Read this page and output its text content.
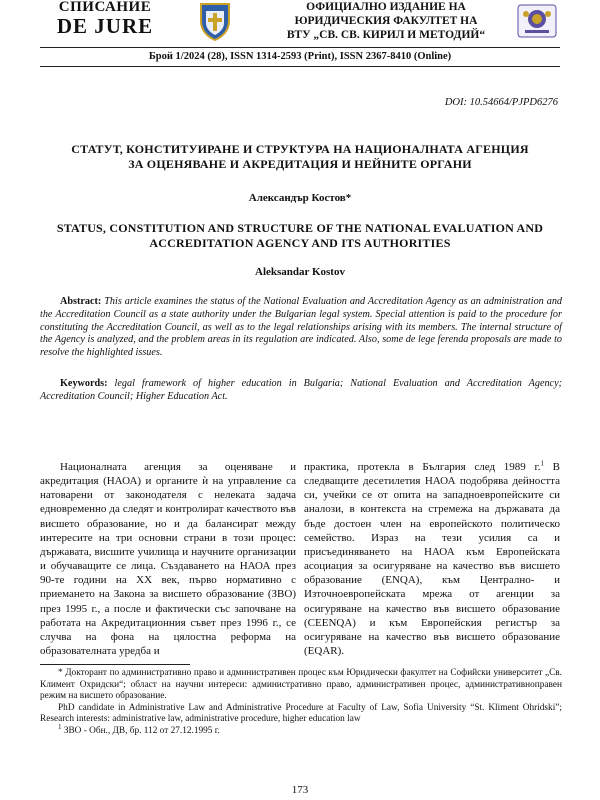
СПИСАНИЕ
DE JURE
ОФИЦИАЛНО ИЗДАНИЕ НА
ЮРИДИЧЕСКИЯ ФАКУЛТЕТ НА
ВТУ „СВ. СВ. КИРИЛ И МЕТОДИЙ“
Брой 1/2024 (28), ISSN 1314-2593 (Print), ISSN 2367-8410 (Online)
DOI: 10.54664/PJPD6276
СТАТУТ, КОНСТИТУИРАНЕ И СТРУКТУРА НА НАЦИОНАЛНАТА АГЕНЦИЯ
ЗА ОЦЕНЯВАНЕ И АКРЕДИТАЦИЯ И НЕЙНИТЕ ОРГАНИ
Александър Костов*
STATUS, CONSTITUTION AND STRUCTURE OF THE NATIONAL EVALUATION AND
ACCREDITATION AGENCY AND ITS AUTHORITIES
Aleksandar Kostov
Abstract: This article examines the status of the National Evaluation and Accreditation Agency as an administration and the Accreditation Council as a state authority under the Bulgarian legal system. Special attention is paid to the procedure for constituting the Accreditation Council, as well as to the legal relationships arising with its members. The internal structure of the Agency is analyzed, and the problem areas in its regulation are indicated. Also, some de lege ferenda proposals are made to resolve the highlighted issues.
Keywords: legal framework of higher education in Bulgaria; National Evaluation and Accreditation Agency; Accreditation Council; Higher Education Act.
Националната агенция за оценяване и акредитация (НАОА) и органите ѝ на управление са натоварени от законодателя с нелеката задача едновременно да следят и контролират качеството във висшето образование, но и да балансират между интересите на три основни страни в този процес: държавата, висшите училища и научните организации и обучаващите се лица. Създаването на НАОА през 90-те години на XX век, първо нормативно с приемането на Закона за висшето образование (ЗВО) през 1995 г., а после и фактически със започване на работата на Акредитационния съвет през 1996 г., се случва на фона на цялостна реформа на образователната уредба и
практика, протекла в България след 1989 г.$^1$ В следващите десетилетия НАОА подобрява дейността си, учейки се от опита на западноевропейските си аналози, в контекста на стремежа на държавата да бъде достоен член на европейското политическо семейство. Израз на тези усилия са и присъединяването на НАОА към Европейската асоциация за осигуряване на качество във висшето образование (ENQA), към Централно- и Източноевропейската мрежа от агенции за осигуряване на качество във висшето образование (CEENQA) и към Европейския регистър за осигуряване на качество във висшето образование (EQAR).

* Докторант по административно право и административен процес към Юридически факултет на Софийски университет „Св. Климент Охридски“; област на научни интереси: административно право, административен процес, административноправен режим на висшето образование.

PhD candidate in Administrative Law and Administrative Procedure at Faculty of Law, Sofia University “St. Kliment Ohridski”; Research interests: administrative law, administrative procedure, higher education law

$^1$ ЗВО - Обн., ДВ, бр. 112 от 27.12.1995 г.

173
